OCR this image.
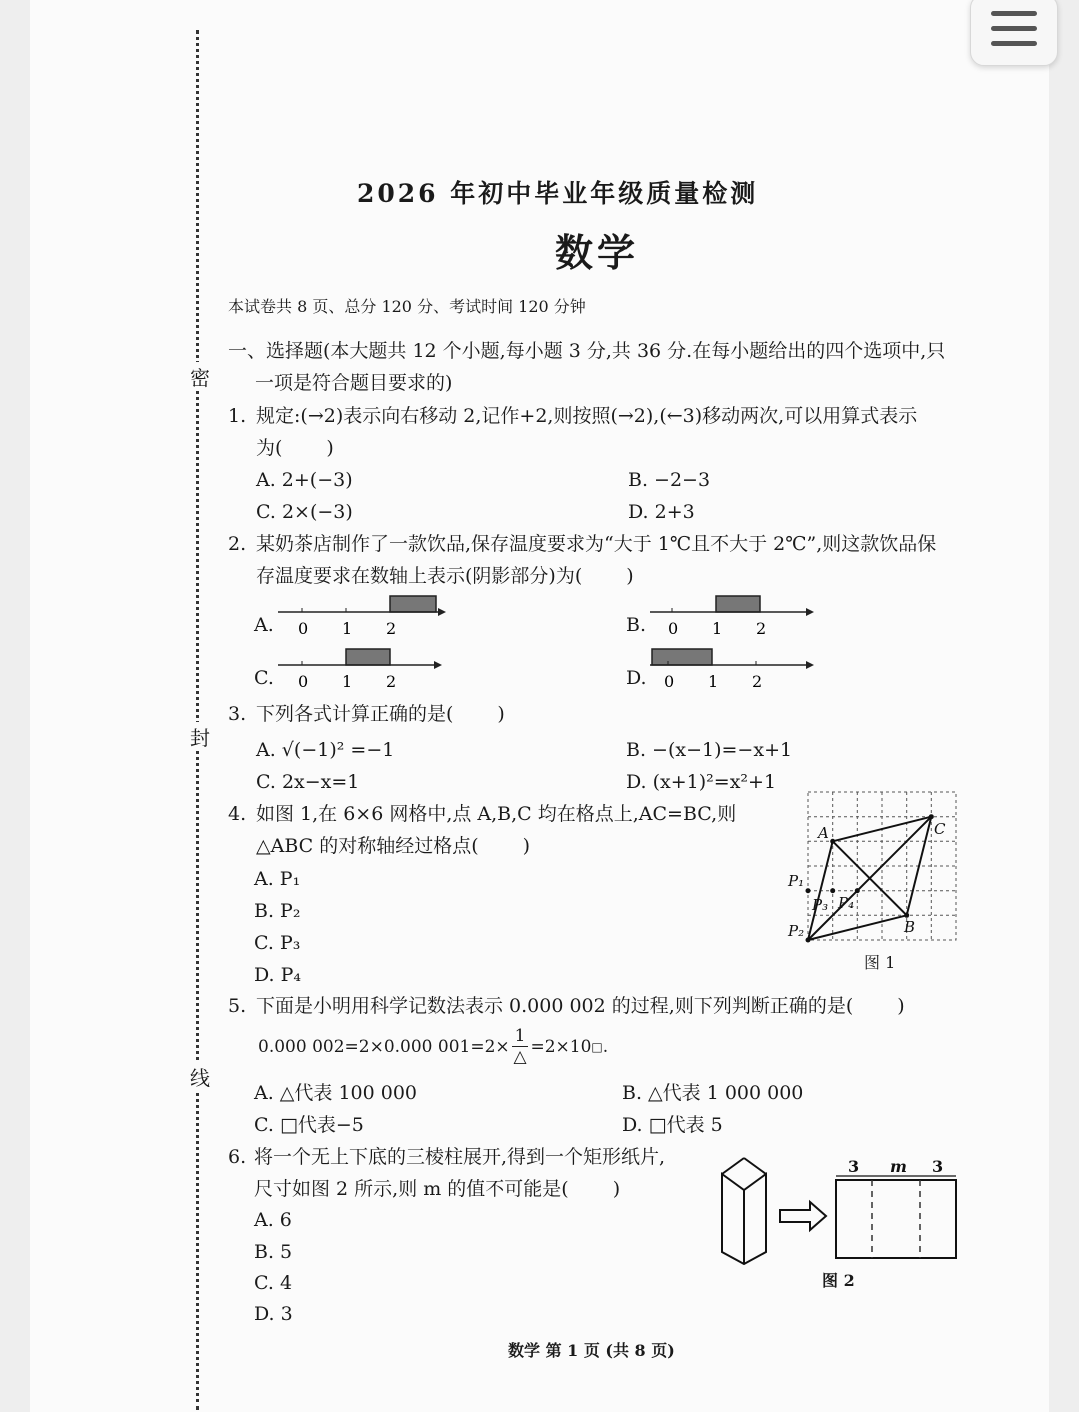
密
封
线
2026 年初中毕业年级质量检测
数学
本试卷共 8 页、总分 120 分、考试时间 120 分钟
一、选择题(本大题共 12 个小题,每小题 3 分,共 36 分.在每小题给出的四个选项中,只
一项是符合题目要求的)
1. 规定:(→2)表示向右移动 2,记作+2,则按照(→2),(←3)移动两次,可以用算式表示
为( )
A. 2+(−3)	B. −2−3
C. 2×(−3)	D. 2+3
2. 某奶茶店制作了一款饮品,保存温度要求为“大于 1℃且不大于 2℃”,则这款饮品保
存温度要求在数轴上表示(阴影部分)为( )
A.	B.
C.	D.
0 1 2	0 1 2
0 1 2	0 1 2
3. 下列各式计算正确的是( )
A. √(−1)² =−1	B. −(x−1)=−x+1
C. 2x−x=1	D. (x+1)²=x²+1
4. 如图 1,在 6×6 网格中,点 A,B,C 均在格点上,AC=BC,则
△ABC 的对称轴经过格点( )
A. P₁
B. P₂
C. P₃
D. P₄
A
B
C
P₁
P₂
P₃ P₄
图 1
5. 下面是小明用科学记数法表示 0.000 002 的过程,则下列判断正确的是( )
0.000 002=2×0.000 001=2×
1
△
=2×10 □ .
A. △代表 100 000	B. △代表 1 000 000
C. □代表−5	D. □代表 5
6. 将一个无上下底的三棱柱展开,得到一个矩形纸片,
尺寸如图 2 所示,则 m 的值不可能是( )
A. 6
B. 5
C. 4
D. 3
3 m 3
图 2
数学 第 1 页 (共 8 页)
